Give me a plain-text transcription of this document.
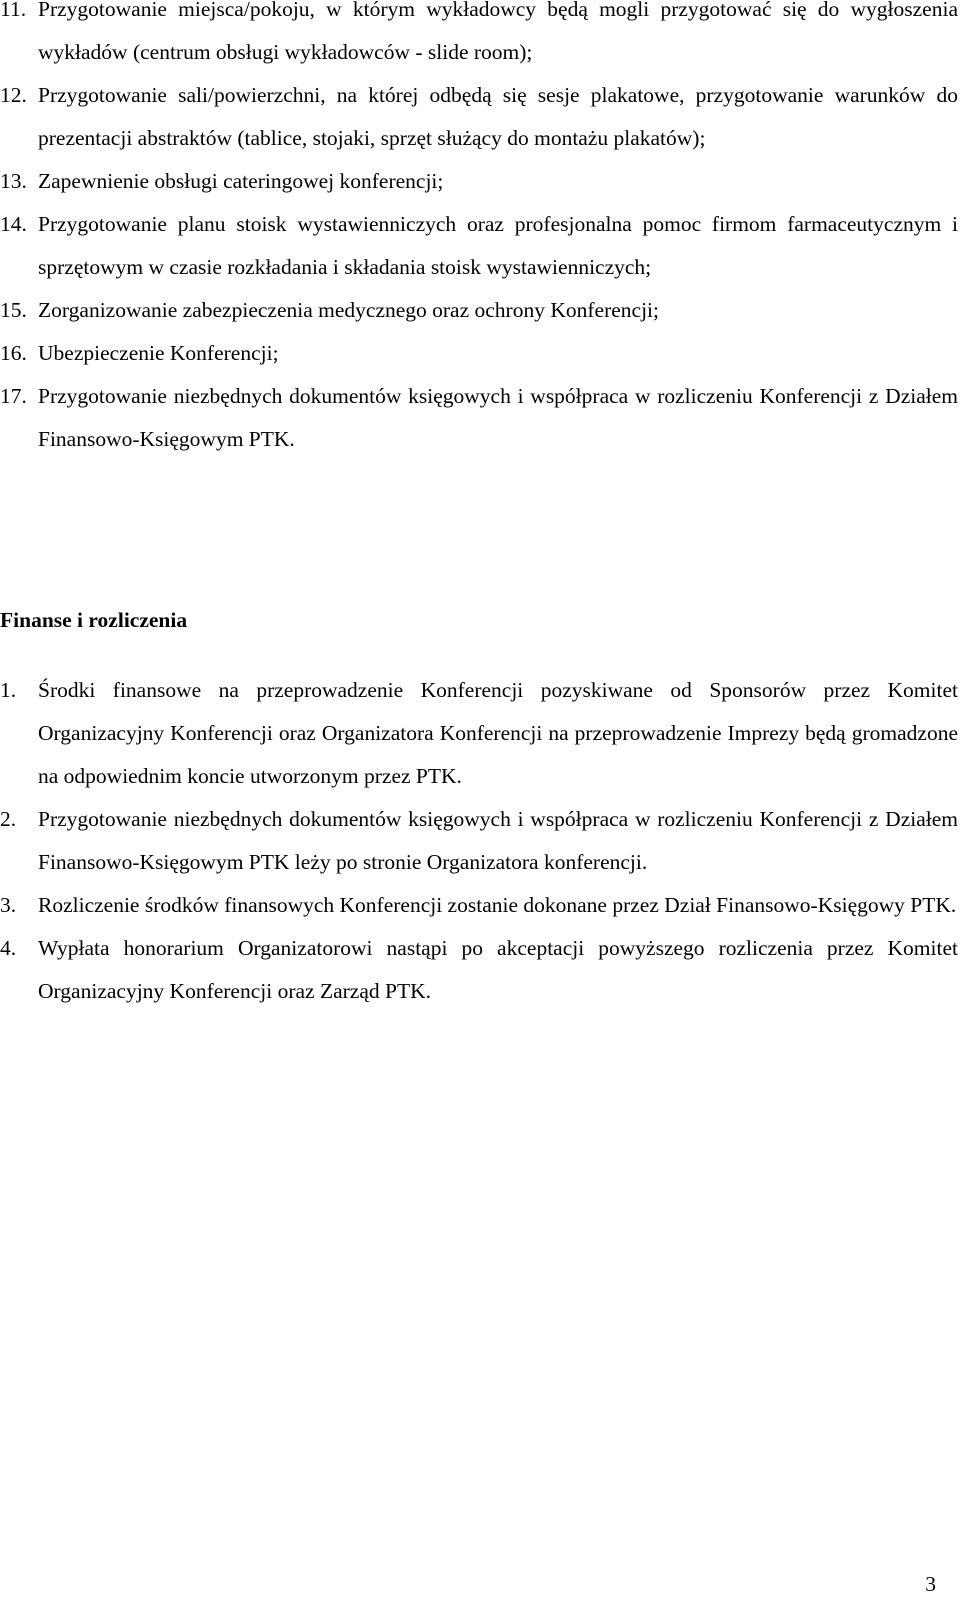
11. Przygotowanie miejsca/pokoju, w którym wykładowcy będą mogli przygotować się do wygłoszenia wykładów (centrum obsługi wykładowców - slide room);
12. Przygotowanie sali/powierzchni, na której odbędą się sesje plakatowe, przygotowanie warunków do prezentacji abstraktów (tablice, stojaki, sprzęt służący do montażu plakatów);
13. Zapewnienie obsługi cateringowej konferencji;
14. Przygotowanie planu stoisk wystawienniczych oraz profesjonalna pomoc firmom farmaceutycznym i sprzętowym w czasie rozkładania i składania stoisk wystawienniczych;
15. Zorganizowanie zabezpieczenia medycznego oraz ochrony Konferencji;
16. Ubezpieczenie Konferencji;
17. Przygotowanie niezbędnych dokumentów księgowych i współpraca w rozliczeniu Konferencji z Działem Finansowo-Księgowym PTK.
Finanse i rozliczenia
1.	Środki finansowe na przeprowadzenie Konferencji pozyskiwane od Sponsorów przez Komitet Organizacyjny Konferencji oraz Organizatora Konferencji na przeprowadzenie Imprezy będą gromadzone na odpowiednim koncie utworzonym przez PTK.
2.	Przygotowanie niezbędnych dokumentów księgowych i współpraca w rozliczeniu Konferencji z Działem Finansowo-Księgowym PTK leży po stronie Organizatora konferencji.
3.	Rozliczenie środków finansowych Konferencji zostanie dokonane przez Dział Finansowo-Księgowy PTK.
4.	Wypłata honorarium Organizatorowi nastąpi po akceptacji powyższego rozliczenia przez Komitet Organizacyjny Konferencji oraz Zarząd PTK.
3
